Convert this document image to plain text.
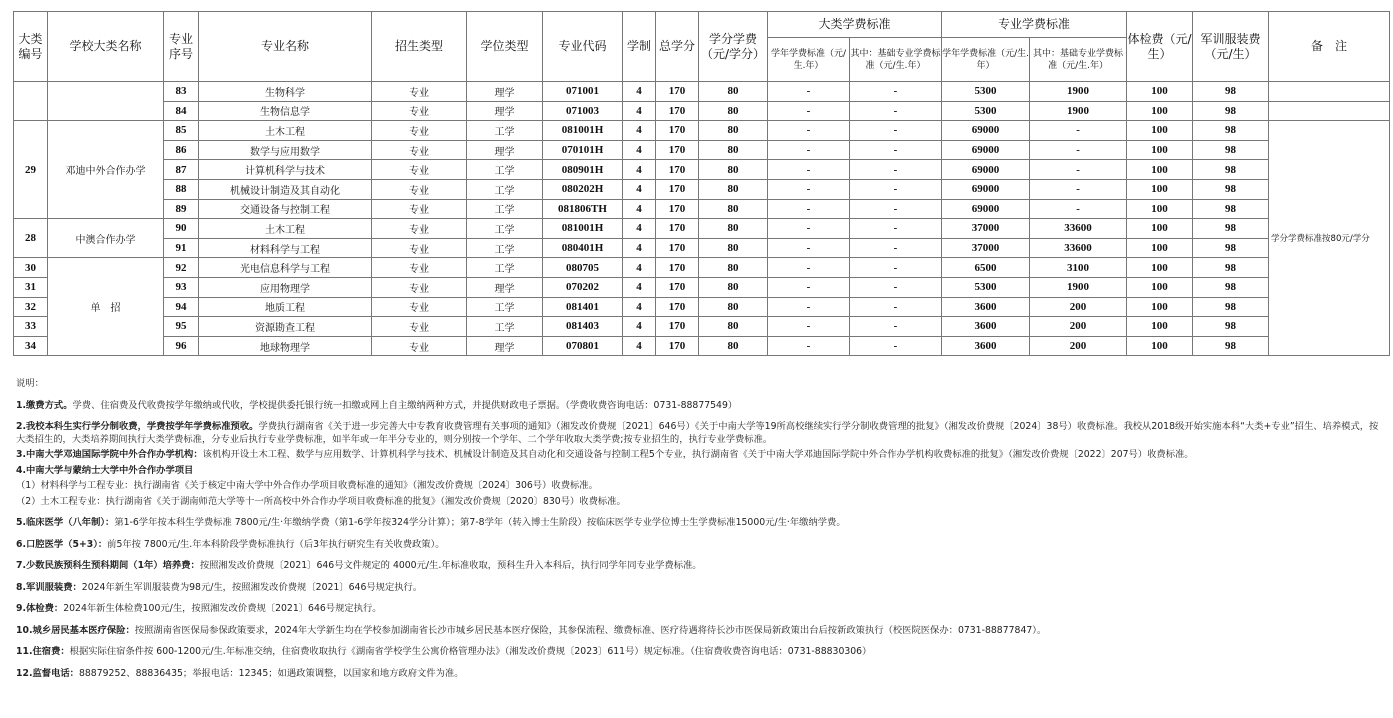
大类编号	学校大类名称	专业序号	专业名称	招生类型	学位类型	专业代码	学制	总学分	学分学费（元/学分）	大类学费标准		专业学费标准		体检费（元/生）	军训服装费（元/生）	备　注
										学年学费标准（元/生.年）	其中：基础专业学费标准（元/生.年）	学年学费标准（元/生.年）	其中：基础专业学费标准（元/生.年）			
		83	生物科学	专业	理学	071001	4	170	80	-	-	5300	1900	100	98	
		84	生物信息学	专业	理学	071003	4	170	80	-	-	5300	1900	100	98	
29	邓迪中外合作办学	85	土木工程	专业	工学	081001H	4	170	80	-	-	69000	-	100	98	学分学费标准按80元/学分
		86	数学与应用数学	专业	理学	070101H	4	170	80	-	-	69000	-	100	98	
		87	计算机科学与技术	专业	工学	080901H	4	170	80	-	-	69000	-	100	98	
		88	机械设计制造及其自动化	专业	工学	080202H	4	170	80	-	-	69000	-	100	98	
		89	交通设备与控制工程	专业	工学	081806TH	4	170	80	-	-	69000	-	100	98	
28	中澳合作办学	90	土木工程	专业	工学	081001H	4	170	80	-	-	37000	33600	100	98	
		91	材料科学与工程	专业	工学	080401H	4	170	80	-	-	37000	33600	100	98	
30	单　招	92	光电信息科学与工程	专业	工学	080705	4	170	80	-	-	6500	3100	100	98	
31		93	应用物理学	专业	理学	070202	4	170	80	-	-	5300	1900	100	98	
32		94	地质工程	专业	工学	081401	4	170	80	-	-	3600	200	100	98	
33		95	资源勘查工程	专业	工学	081403	4	170	80	-	-	3600	200	100	98	
34		96	地球物理学	专业	理学	070801	4	170	80	-	-	3600	200	100	98	

说明：

1.缴费方式。学费、住宿费及代收费按学年缴纳或代收，学校提供委托银行统一扣缴或网上自主缴纳两种方式，并提供财政电子票据。（学费收费咨询电话：0731-88877549）

2.我校本科生实行学分制收费，学费按学年学费标准预收。学费执行湖南省《关于进一步完善大中专教育收费管理有关事项的通知》（湘发改价费规〔2021〕646号）《关于中南大学等19所高校继续实行学分制收费管理的批复》（湘发改价费规〔2024〕38号）收费标准。我校从2018级开始实施本科“大类+专业”招生、培养模式，按大类招生的，大类培养期间执行大类学费标准，分专业后执行专业学费标准，如半年或一年半分专业的，则分别按一个学年、二个学年收取大类学费;按专业招生的，执行专业学费标准。

3.中南大学邓迪国际学院中外合作办学机构：该机构开设土木工程、数学与应用数学、计算机科学与技术、机械设计制造及其自动化和交通设备与控制工程5个专业，执行湖南省《关于中南大学邓迪国际学院中外合作办学机构收费标准的批复》（湘发改价费规〔2022〕207号）收费标准。

4.中南大学与蒙纳士大学中外合作办学项目

（1）材料科学与工程专业：执行湖南省《关于核定中南大学中外合作办学项目收费标准的通知》（湘发改价费规〔2024〕306号）收费标准。

（2）土木工程专业：执行湖南省《关于湖南师范大学等十一所高校中外合作办学项目收费标准的批复》（湘发改价费规〔2020〕830号）收费标准。

5.临床医学（八年制）：第1-6学年按本科生学费标准 7800元/生·年缴纳学费（第1-6学年按324学分计算）；第7-8学年（转入博士生阶段）按临床医学专业学位博士生学费标准15000元/生·年缴纳学费。

6.口腔医学（5+3）：前5年按 7800元/生.年本科阶段学费标准执行（后3年执行研究生有关收费政策）。

7.少数民族预科生预科期间（1年）培养费：按照湘发改价费规〔2021〕646号文件规定的 4000元/生.年标准收取，预科生升入本科后，执行同学年同专业学费标准。

8.军训服装费：2024年新生军训服装费为98元/生，按照湘发改价费规〔2021〕646号规定执行。

9.体检费：2024年新生体检费100元/生，按照湘发改价费规〔2021〕646号规定执行。

10.城乡居民基本医疗保险：按照湖南省医保局参保政策要求，2024年大学新生均在学校参加湖南省长沙市城乡居民基本医疗保险，其参保流程、缴费标准、医疗待遇将待长沙市医保局新政策出台后按新政策执行（校医院医保办：0731-88877847）。

11.住宿费：根据实际住宿条件按 600-1200元/生.年标准交纳，住宿费收取执行《湖南省学校学生公寓价格管理办法》（湘发改价费规〔2023〕611号）规定标准。（住宿费收费咨询电话：0731-88830306）

12.监督电话：88879252、88836435；举报电话：12345；如遇政策调整，以国家和地方政府文件为准。
